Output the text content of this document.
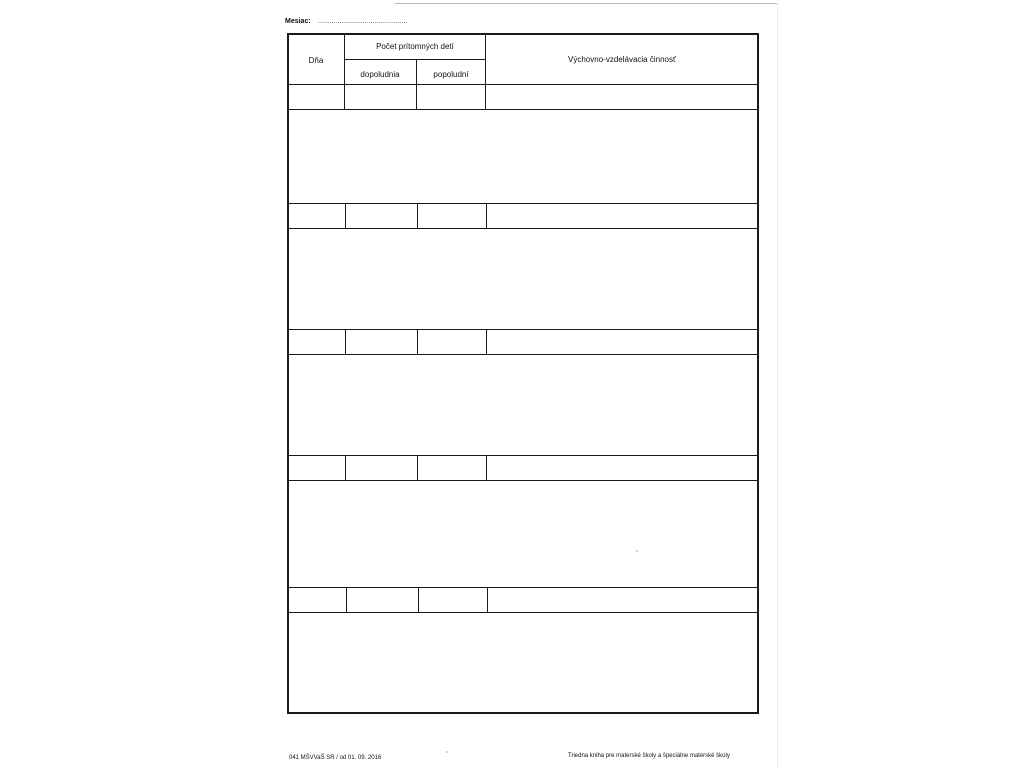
Mesiac: ..............................................
Dňa
Počet prítomných detí
dopoludnia	popoludní
Výchovno-vzdelávacia činnosť
041 MŠVVaŠ SR / od 01. 09. 2016	Triedna kniha pre materské školy a špeciálne materské školy
